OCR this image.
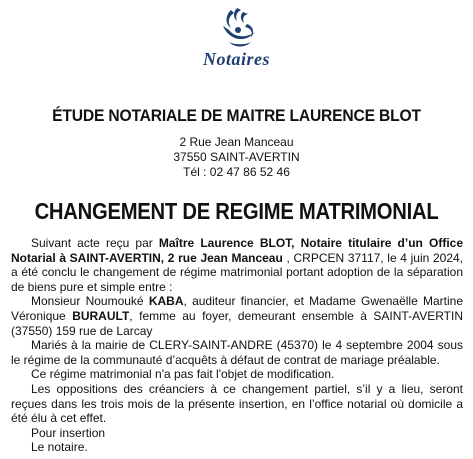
Notaires
ÉTUDE NOTARIALE DE MAITRE LAURENCE BLOT
2 Rue Jean Manceau
37550 SAINT-AVERTIN
Tél : 02 47 86 52 46
CHANGEMENT DE REGIME MATRIMONIAL

Suivant acte reçu par Maître Laurence BLOT, Notaire titulaire d’un Office Notarial à SAINT-AVERTIN, 2 rue Jean Manceau , CRPCEN 37117, le 4 juin 2024, a été conclu le changement de régime matrimonial portant adoption de la séparation de biens pure et simple entre :

Monsieur Noumouké KABA, auditeur financier, et Madame Gwenaëlle Martine Véronique BURAULT, femme au foyer, demeurant ensemble à SAINT-AVERTIN (37550) 159 rue de Larcay

Mariés à la mairie de CLERY-SAINT-ANDRE (45370) le 4 septembre 2004 sous le régime de la communauté d’acquêts à défaut de contrat de mariage préalable.

Ce régime matrimonial n'a pas fait l'objet de modification.

Les oppositions des créanciers à ce changement partiel, s’il y a lieu, seront reçues dans les trois mois de la présente insertion, en l’office notarial où domicile a été élu à cet effet.

Pour insertion

Le notaire.
